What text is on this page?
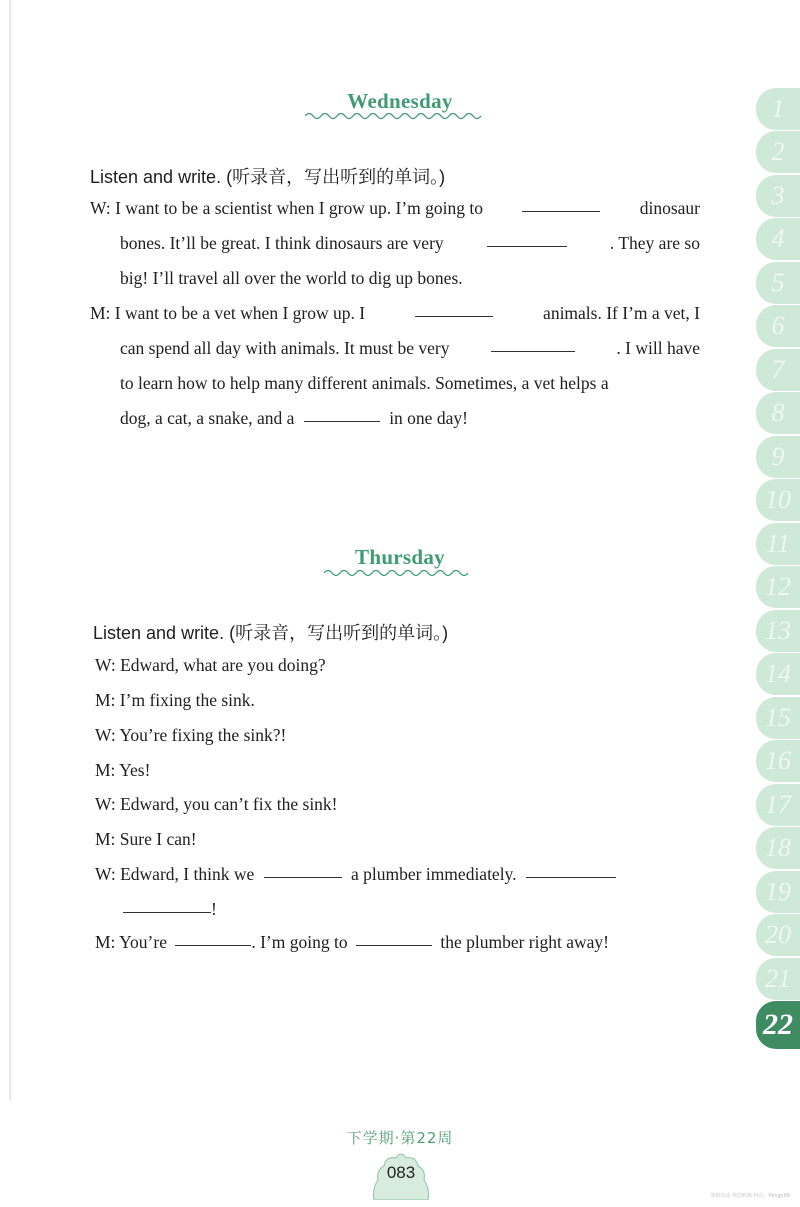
Wednesday
Listen and write. (听录音，写出听到的单词。)
W: I want to be a scientist when I grow up. I’m going to	dinosaur
bones. It’ll be great. I think dinosaurs are very	. They are so
big! I’ll travel all over the world to dig up bones.
M: I want to be a vet when I grow up. I	animals. If I’m a vet, I
can spend all day with animals. It must be very	. I will have
to learn how to help many different animals. Sometimes, a vet helps a
dog, a cat, a snake, and a	in one day!
Thursday
Listen and write. (听录音，写出听到的单词。)
W: Edward, what are you doing?
M: I’m fixing the sink.
W: You’re fixing the sink?!
M: Yes!
W: Edward, you can’t fix the sink!
M: Sure I can!
W: Edward, I think we	a plumber immediately.
!
M: You’re	. I’m going to	the plumber right away!
1
2
3
4
5
6
7
8
9
10
11
12
13
14
15
16
17
18
19
20
21
22
下学期·第22周
083
刘姐出品 欢迎转载 抖音：Pengy88
